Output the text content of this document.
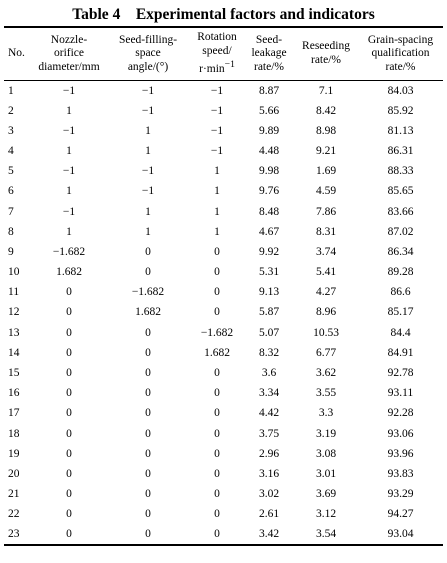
Table 4    Experimental factors and indicators
No.	Nozzle-
orifice
diameter/mm	Seed-filling-
space
angle/(°)	Rotation
speed/
$r\cdot\min^{-1}$	Seed-
leakage
rate/%	Reseeding
rate/%	Grain-spacing
qualification
rate/%
1	−1	−1	−1	8.87	7.1	84.03
2	1	−1	−1	5.66	8.42	85.92
3	−1	1	−1	9.89	8.98	81.13
4	1	1	−1	4.48	9.21	86.31
5	−1	−1	1	9.98	1.69	88.33
6	1	−1	1	9.76	4.59	85.65
7	−1	1	1	8.48	7.86	83.66
8	1	1	1	4.67	8.31	87.02
9	−1.682	0	0	9.92	3.74	86.34
10	1.682	0	0	5.31	5.41	89.28
11	0	−1.682	0	9.13	4.27	86.6
12	0	1.682	0	5.87	8.96	85.17
13	0	0	−1.682	5.07	10.53	84.4
14	0	0	1.682	8.32	6.77	84.91
15	0	0	0	3.6	3.62	92.78
16	0	0	0	3.34	3.55	93.11
17	0	0	0	4.42	3.3	92.28
18	0	0	0	3.75	3.19	93.06
19	0	0	0	2.96	3.08	93.96
20	0	0	0	3.16	3.01	93.83
21	0	0	0	3.02	3.69	93.29
22	0	0	0	2.61	3.12	94.27
23	0	0	0	3.42	3.54	93.04
